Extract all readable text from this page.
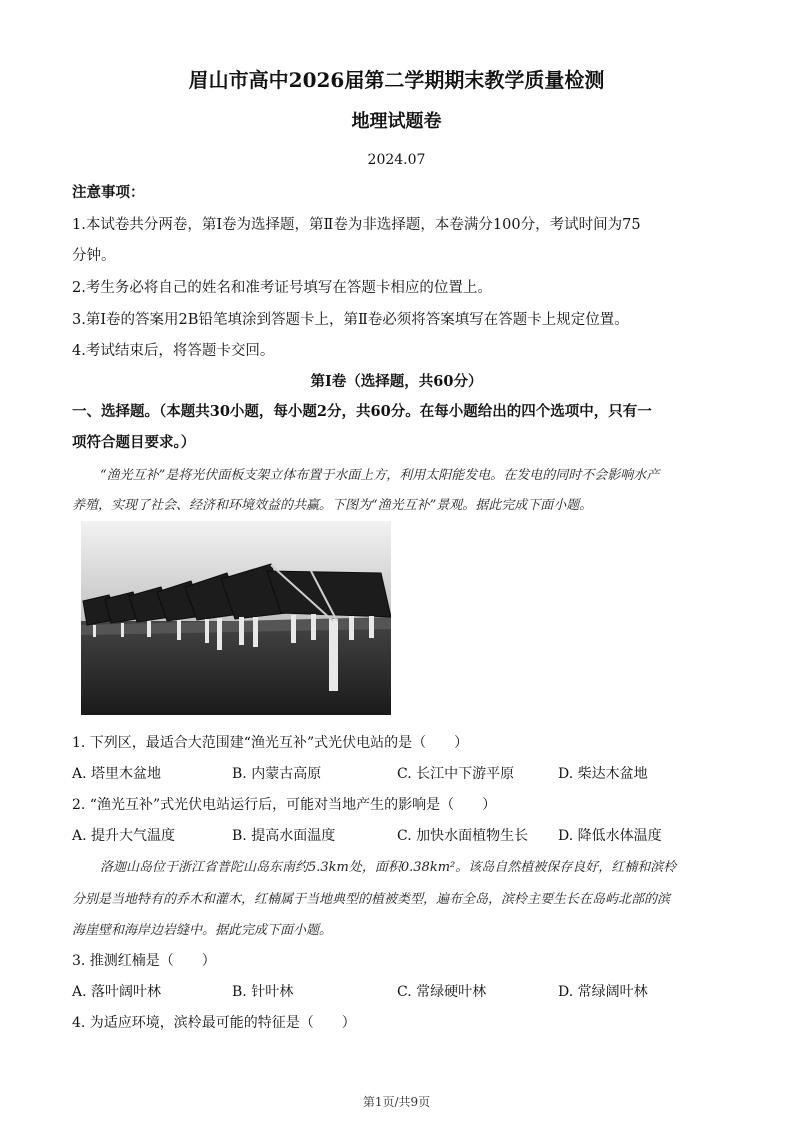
眉山市高中2026届第二学期期末教学质量检测
地理试题卷
2024.07
注意事项：
1.本试卷共分两卷，第Ⅰ卷为选择题，第Ⅱ卷为非选择题，本卷满分100分，考试时间为75
分钟。
2.考生务必将自己的姓名和准考证号填写在答题卡相应的位置上。
3.第Ⅰ卷的答案用2B铅笔填涂到答题卡上，第Ⅱ卷必须将答案填写在答题卡上规定位置。
4.考试结束后，将答题卡交回。
第Ⅰ卷（选择题，共60分）
一、选择题。（本题共30小题，每小题2分，共60分。在每小题给出的四个选项中，只有一
项符合题目要求。）
“渔光互补”是将光伏面板支架立体布置于水面上方，利用太阳能发电。在发电的同时不会影响水产
养殖，实现了社会、经济和环境效益的共赢。下图为“渔光互补”景观。据此完成下面小题。
1. 下列区，最适合大范围建“渔光互补”式光伏电站的是（　　）
A. 塔里木盆地	B. 内蒙古高原	C. 长江中下游平原	D. 柴达木盆地
2. “渔光互补”式光伏电站运行后，可能对当地产生的影响是（　　）
A. 提升大气温度	B. 提高水面温度	C. 加快水面植物生长 D. 降低水体温度
洛迦山岛位于浙江省普陀山岛东南约5.3km处，面积0.38km²。该岛自然植被保存良好，红楠和滨柃
分别是当地特有的乔木和灌木，红楠属于当地典型的植被类型，遍布全岛，滨柃主要生长在岛屿北部的滨
海崖壁和海岸边岩缝中。据此完成下面小题。
3. 推测红楠是（　　）
A. 落叶阔叶林	B. 针叶林	C. 常绿硬叶林	D. 常绿阔叶林
4. 为适应环境，滨柃最可能的特征是（　　）
第1页/共9页
